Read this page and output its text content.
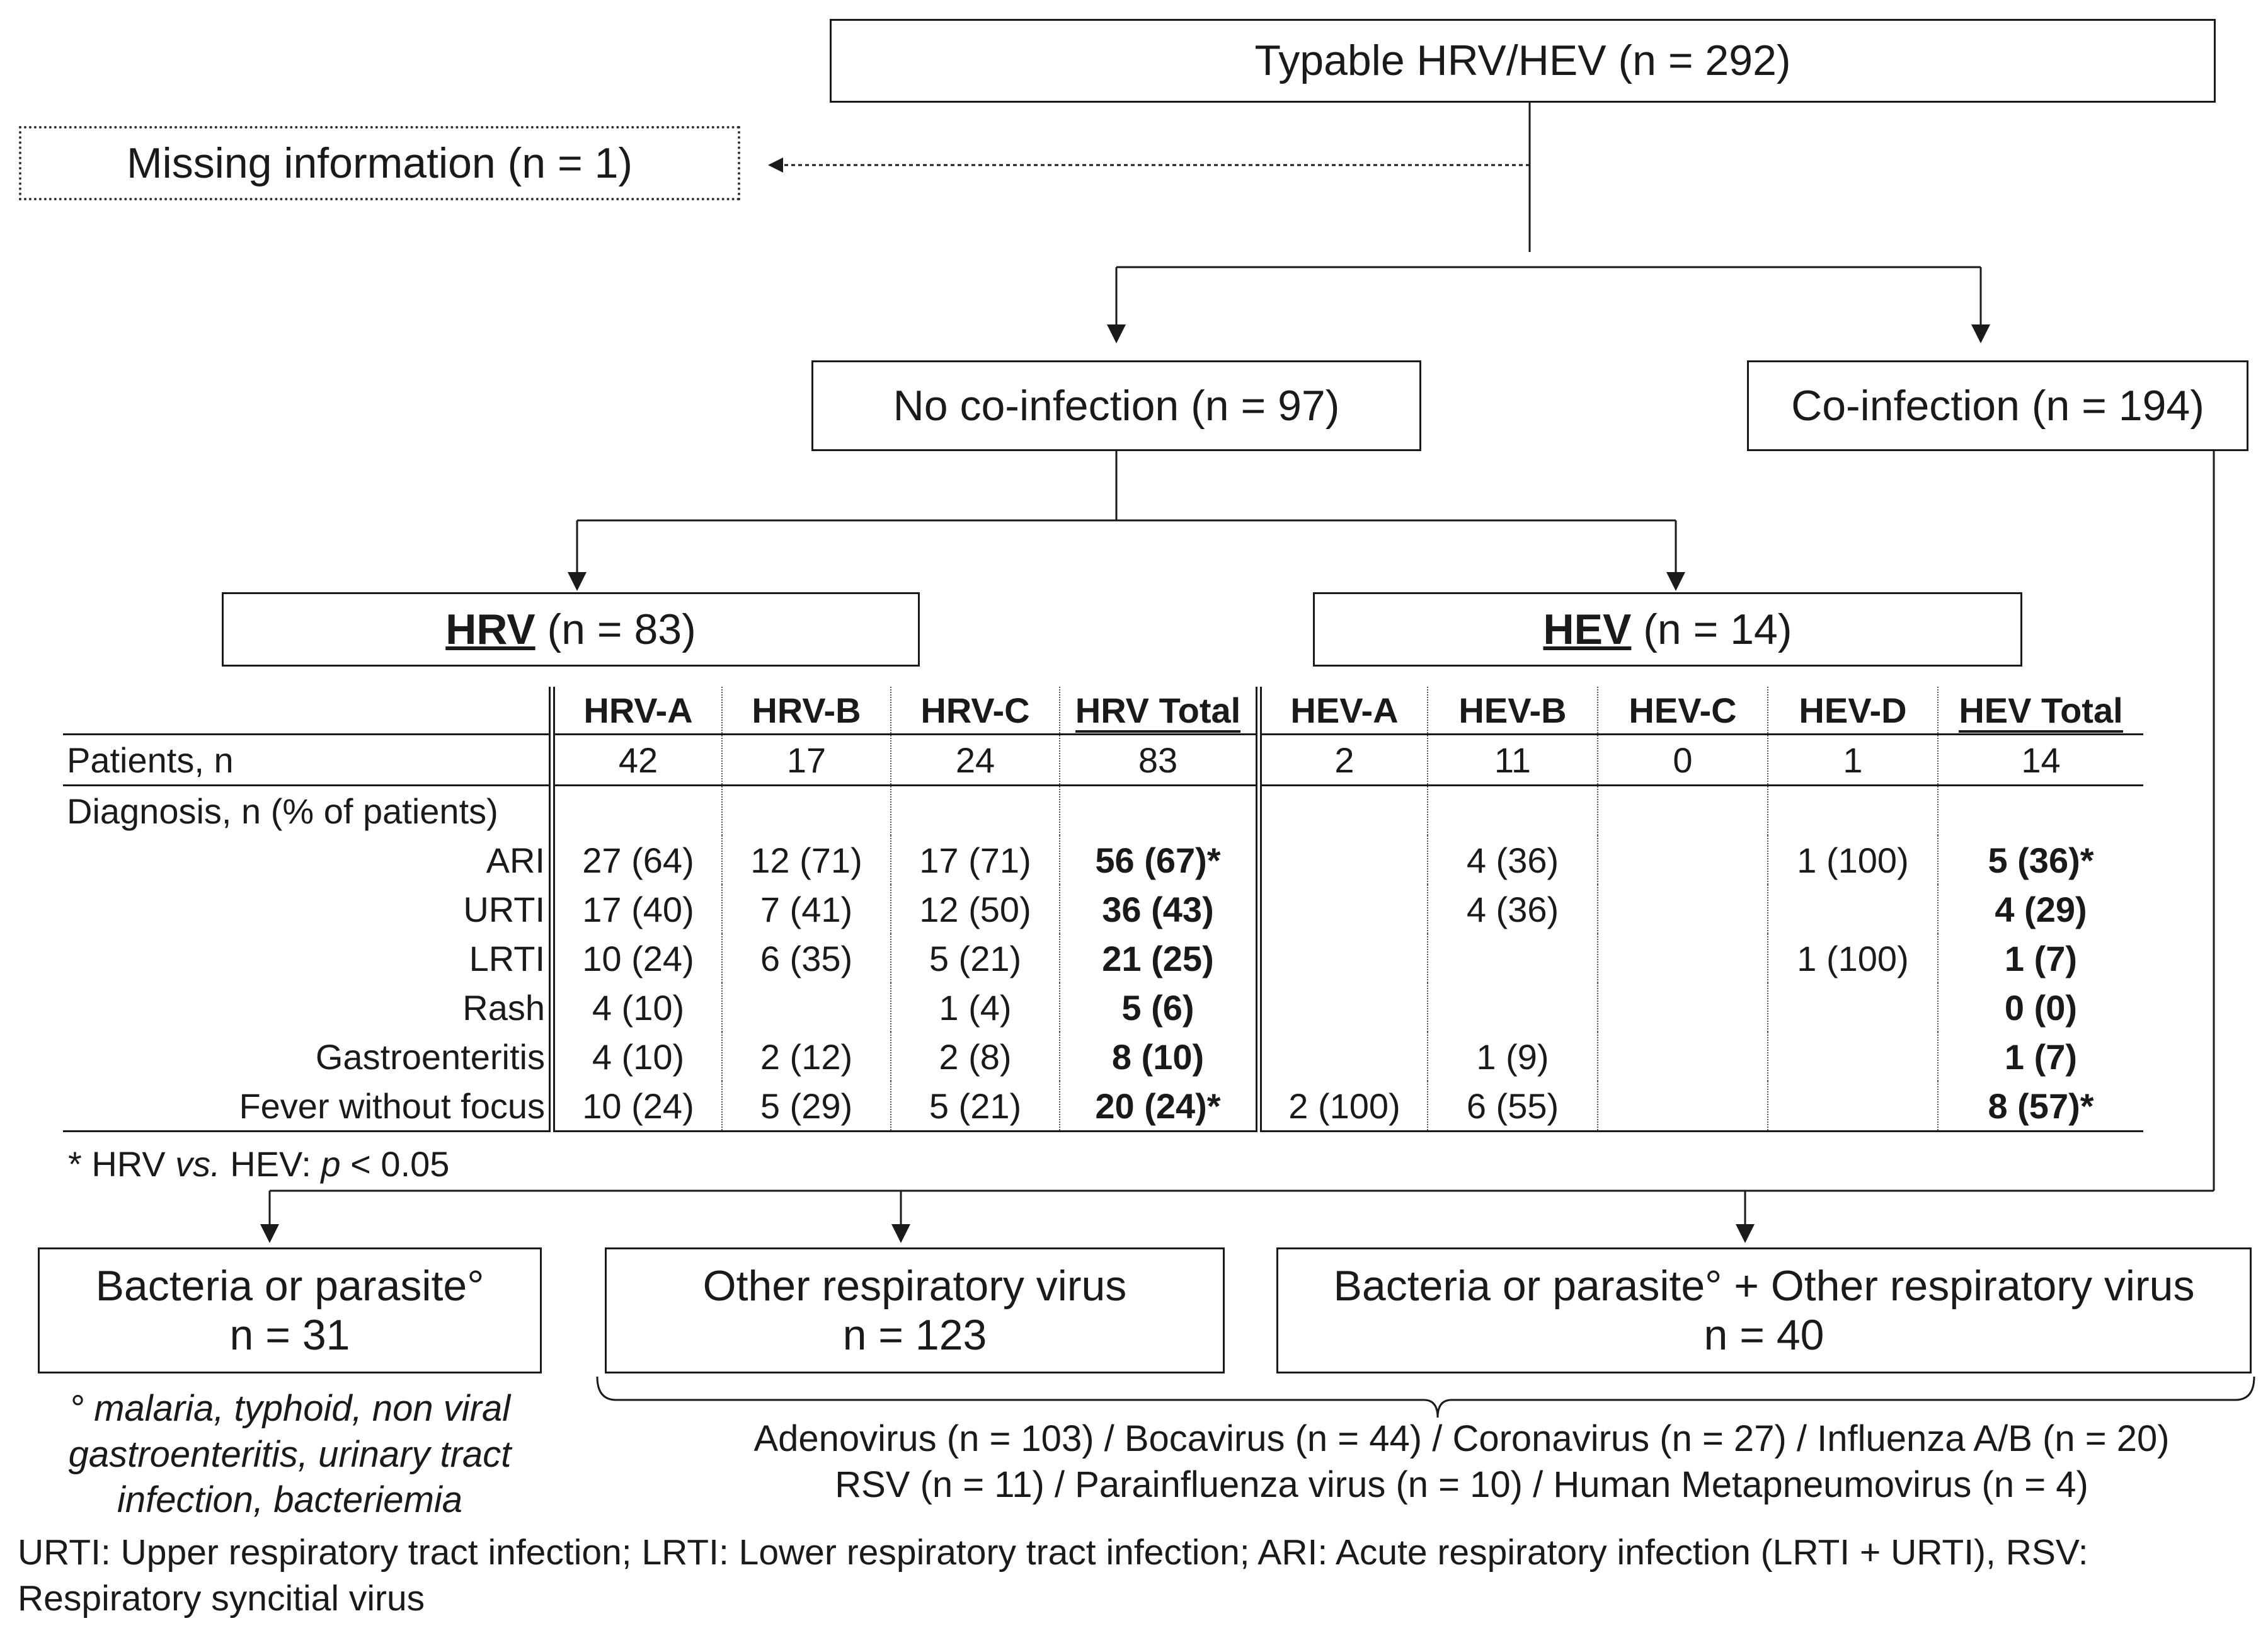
Typable HRV/HEV (n = 292)
Missing information (n = 1)
No co-infection (n = 97)	Co-infection (n = 194)
HRV (n = 83)	HEV (n = 14)
	HRV-A	HRV-B	HRV-C	HRV Total	HEV-A	HEV-B	HEV-C	HEV-D	HEV Total
Patients, n	42	17	24	83	2	11	0	1	14
Diagnosis, n (% of patients)									
ARI	27 (64)	12 (71)	17 (71)	56 (67)*		4 (36)		1 (100)	5 (36)*
URTI	17 (40)	7 (41)	12 (50)	36 (43)		4 (36)			4 (29)
LRTI	10 (24)	6 (35)	5 (21)	21 (25)				1 (100)	1 (7)
Rash	4 (10)		1 (4)	5 (6)					0 (0)
Gastroenteritis	4 (10)	2 (12)	2 (8)	8 (10)		1 (9)			1 (7)
Fever without focus	10 (24)	5 (29)	5 (21)	20 (24)*	2 (100)	6 (55)			8 (57)*
* HRV vs. HEV: p < 0.05
Bacteria or parasite°
n = 31
Other respiratory virus
n = 123
Bacteria or parasite° + Other respiratory virus
n = 40
° malaria, typhoid, non viral
gastroenteritis, urinary tract
infection, bacteriemia
Adenovirus (n = 103) / Bocavirus (n = 44) / Coronavirus (n = 27) / Influenza A/B (n = 20)
RSV (n = 11) / Parainfluenza virus (n = 10) / Human Metapneumovirus (n = 4)
URTI: Upper respiratory tract infection; LRTI: Lower respiratory tract infection; ARI: Acute respiratory infection (LRTI + URTI), RSV:
Respiratory syncitial virus
